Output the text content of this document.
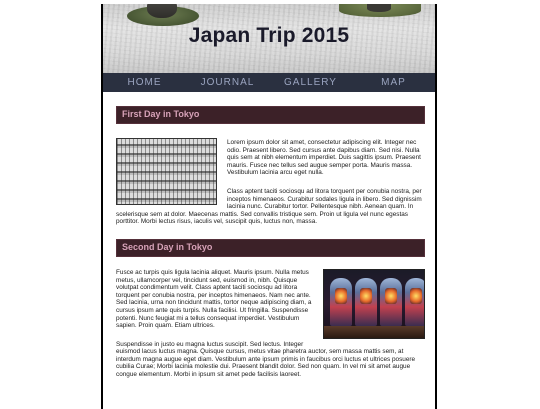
Japan Trip 2015
HOME	JOURNAL	GALLERY	MAP
First Day in Tokyo

Lorem ipsum dolor sit amet, consectetur adipiscing elit. Integer nec odio. Praesent libero. Sed cursus ante dapibus diam. Sed nisi. Nulla quis sem at nibh elementum imperdiet. Duis sagittis ipsum. Praesent mauris. Fusce nec tellus sed augue semper porta. Mauris massa. Vestibulum lacinia arcu eget nulla.

Class aptent taciti sociosqu ad litora torquent per conubia nostra, per inceptos himenaeos. Curabitur sodales ligula in libero. Sed dignissim lacinia nunc. Curabitur tortor. Pellentesque nibh. Aenean quam. In scelerisque sem at dolor. Maecenas mattis. Sed convallis tristique sem. Proin ut ligula vel nunc egestas porttitor. Morbi lectus risus, iaculis vel, suscipit quis, luctus non, massa.

Second Day in Tokyo

Fusce ac turpis quis ligula lacinia aliquet. Mauris ipsum. Nulla metus metus, ullamcorper vel, tincidunt sed, euismod in, nibh. Quisque volutpat condimentum velit. Class aptent taciti sociosqu ad litora torquent per conubia nostra, per inceptos himenaeos. Nam nec ante. Sed lacinia, urna non tincidunt mattis, tortor neque adipiscing diam, a cursus ipsum ante quis turpis. Nulla facilisi. Ut fringilla. Suspendisse potenti. Nunc feugiat mi a tellus consequat imperdiet. Vestibulum sapien. Proin quam. Etiam ultrices.

Suspendisse in justo eu magna luctus suscipit. Sed lectus. Integer euismod lacus luctus magna. Quisque cursus, metus vitae pharetra auctor, sem massa mattis sem, at interdum magna augue eget diam. Vestibulum ante ipsum primis in faucibus orci luctus et ultrices posuere cubilia Curae; Morbi lacinia molestie dui. Praesent blandit dolor. Sed non quam. In vel mi sit amet augue congue elementum. Morbi in ipsum sit amet pede facilisis laoreet.
